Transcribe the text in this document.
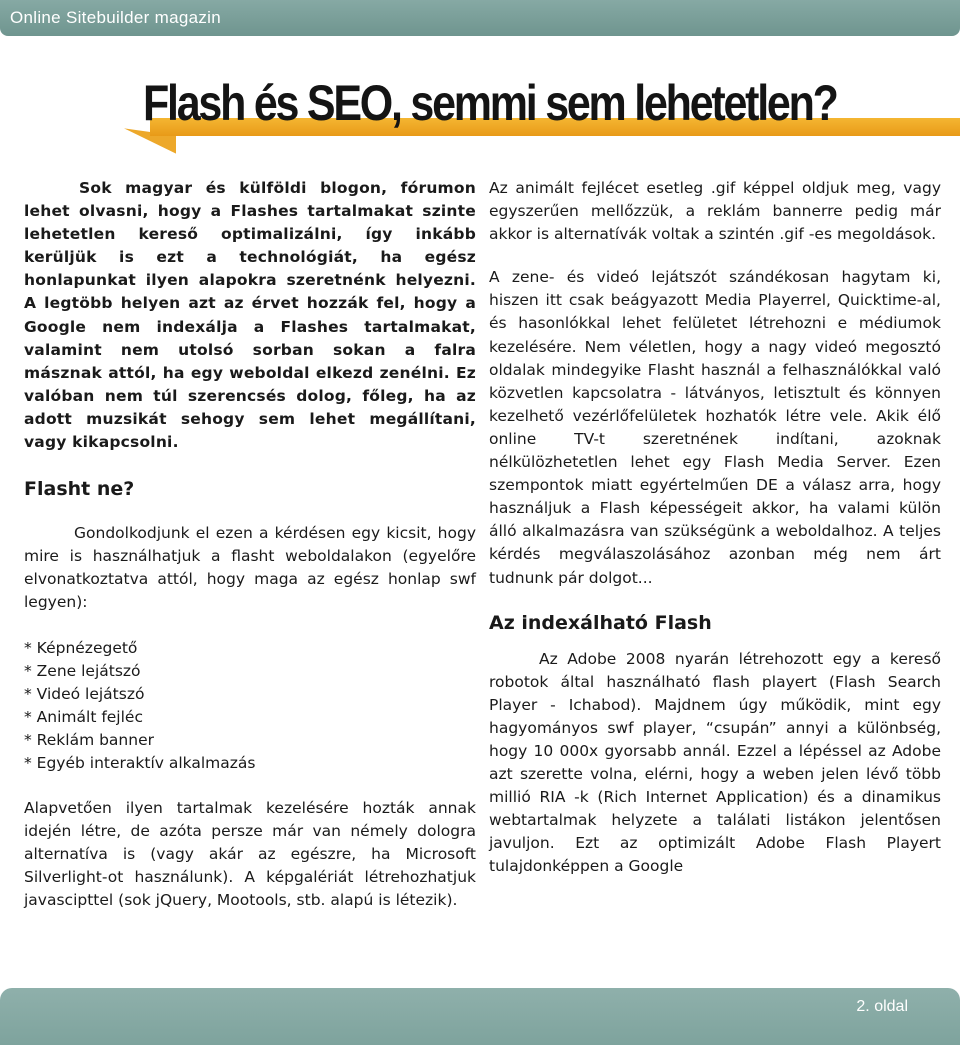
Online Sitebuilder magazin
Flash és SEO, semmi sem lehetetlen?

Sok magyar és külföldi blogon, fórumon lehet olvasni, hogy a Flashes tartalmakat szinte lehetetlen kereső optimalizálni, így inkább kerüljük is ezt a technológiát, ha egész honlapunkat ilyen alapokra szeretnénk helyezni. A legtöbb helyen azt az érvet hozzák fel, hogy a Google nem indexálja a Flashes tartalmakat, valamint nem utolsó sorban sokan a falra másznak attól, ha egy weboldal elkezd zenélni. Ez valóban nem túl szerencsés dolog, főleg, ha az adott muzsikát sehogy sem lehet megállítani, vagy kikapcsolni.

Flasht ne?

Gondolkodjunk el ezen a kérdésen egy kicsit, hogy mire is használhatjuk a flasht weboldalakon (egyelőre elvonatkoztatva attól, hogy maga az egész honlap swf legyen):

* Képnézegető
* Zene lejátszó
* Videó lejátszó
* Animált fejléc
* Reklám banner
* Egyéb interaktív alkalmazás

Alapvetően ilyen tartalmak kezelésére hozták annak idején létre, de azóta persze már van némely dologra alternatíva is (vagy akár az egészre, ha Microsoft Silverlight-ot használunk). A képgalériát létrehozhatjuk javascipttel (sok jQuery, Mootools, stb. alapú is létezik).

Az animált fejlécet esetleg .gif képpel oldjuk meg, vagy egyszerűen mellőzzük, a reklám bannerre pedig már akkor is alternatívák voltak a szintén .gif -es megoldások.

A zene- és videó lejátszót szándékosan hagytam ki, hiszen itt csak beágyazott Media Playerrel, Quicktime-al, és hasonlókkal lehet felületet létrehozni e médiumok kezelésére. Nem véletlen, hogy a nagy videó megosztó oldalak mindegyike Flasht használ a felhasználókkal való közvetlen kapcsolatra - látványos, letisztult és könnyen kezelhető vezérlőfelületek hozhatók létre vele. Akik élő online TV-t szeretnének indítani, azoknak nélkülözhetetlen lehet egy Flash Media Server. Ezen szempontok miatt egyértelműen DE a válasz arra, hogy használjuk a Flash képességeit akkor, ha valami külön álló alkalmazásra van szükségünk a weboldalhoz. A teljes kérdés megválaszolásához azonban még nem árt tudnunk pár dolgot...

Az indexálható Flash

Az Adobe 2008 nyarán létrehozott egy a kereső robotok által használható flash playert (Flash Search Player - Ichabod). Majdnem úgy működik, mint egy hagyományos swf player, “csupán” annyi a különbség, hogy 10 000x gyorsabb annál. Ezzel a lépéssel az Adobe azt szerette volna, elérni, hogy a weben jelen lévő több millió RIA -k (Rich Internet Application) és a dinamikus webtartalmak helyzete a találati listákon jelentősen javuljon. Ezt az optimizált Adobe Flash Playert tulajdonképpen a Google

2. oldal
